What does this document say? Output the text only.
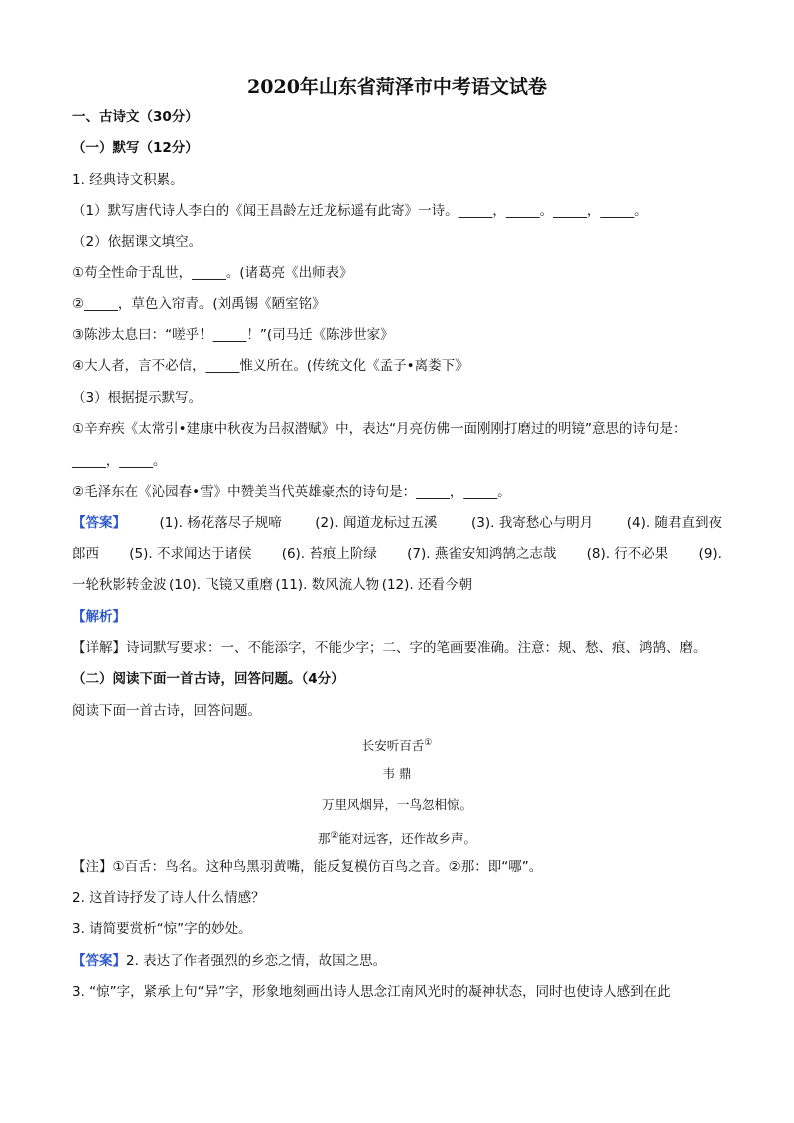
2020年山东省菏泽市中考语文试卷
一、古诗文（30分）
（一）默写（12分）
1. 经典诗文积累。
（1）默写唐代诗人李白的《闻王昌龄左迁龙标遥有此寄》一诗。_____，_____。_____，_____。
（2）依据课文填空。
①苟全性命于乱世，_____。(诸葛亮《出师表》
②_____，草色入帘青。(刘禹锡《陋室铭》
③陈涉太息曰：“嗟乎！_____！”(司马迁《陈涉世家》
④大人者，言不必信，_____惟义所在。(传统文化《孟子•离娄下》
（3）根据提示默写。
①辛弃疾《太常引•建康中秋夜为吕叔潜赋》中，表达“月亮仿佛一面刚刚打磨过的明镜”意思的诗句是：
_____，_____。
②毛泽东在《沁园春•雪》中赞美当代英雄豪杰的诗句是：_____，_____。
【答案】 (1). 杨花落尽子规啼 (2). 闻道龙标过五溪 (3). 我寄愁心与明月 (4). 随君直到夜
郎西 (5). 不求闻达于诸侯 (6). 苔痕上阶绿 (7). 燕雀安知鸿鹄之志哉 (8). 行不必果 (9).
一轮秋影转金波 (10). 飞镜又重磨 (11). 数风流人物 (12). 还看今朝
【解析】
【详解】诗词默写要求：一、不能添字，不能少字；二、字的笔画要准确。注意：规、愁、痕、鸿鹄、磨。
（二）阅读下面一首古诗，回答问题。（4分）
阅读下面一首古诗，回答问题。
长安听百舌①
韦 鼎
万里风烟异，一鸟忽相惊。
那②能对远客，还作故乡声。
【注】①百舌：鸟名。这种鸟黑羽黄嘴，能反复模仿百鸟之音。②那：即“哪”。
2. 这首诗抒发了诗人什么情感？
3. 请简要赏析“惊”字的妙处。
【答案】2. 表达了作者强烈的乡恋之情，故国之思。
3. “惊”字，紧承上句“异”字，形象地刻画出诗人思念江南风光时的凝神状态，同时也使诗人感到在此
